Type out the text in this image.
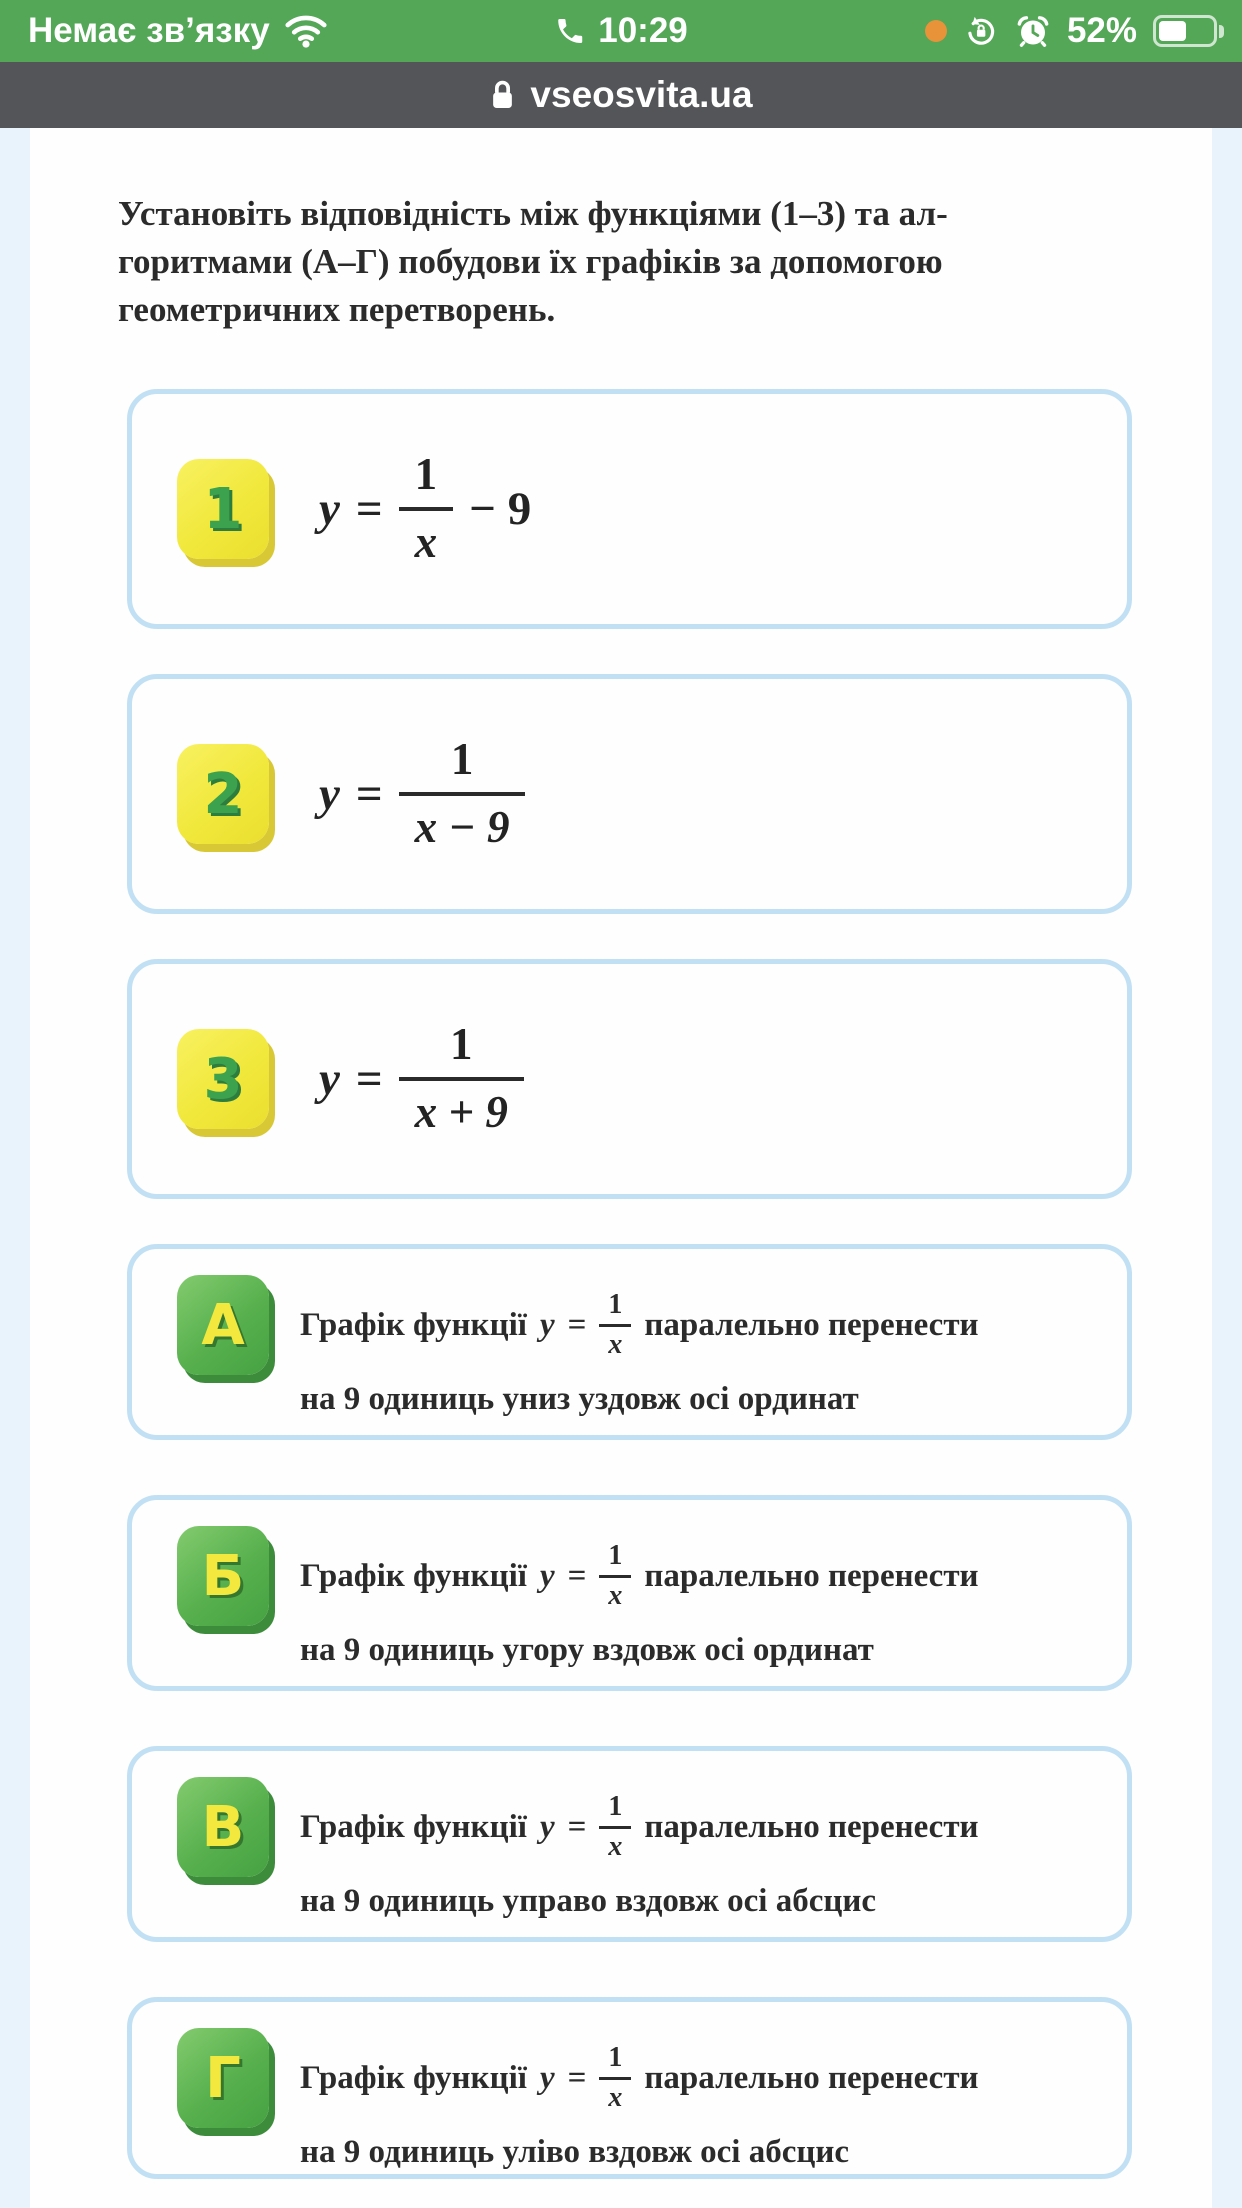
Немає зв’язку	10:29	52%
vseosvita.ua
Установіть відповідність між функціями (1–3) та ал-
горитмами (А–Г) побудови їх графіків за допомогою
геометричних перетворень.
1 $y = \frac{1}{x} - 9$
2 $y = \frac{1}{x - 9}$
3 $y = \frac{1}{x + 9}$
А Графік функції $y = \frac{1}{x}$ паралельно перенести
на 9 одиниць униз уздовж осі ординат
Б Графік функції $y = \frac{1}{x}$ паралельно перенести
на 9 одиниць угору вздовж осі ординат
В Графік функції $y = \frac{1}{x}$ паралельно перенести
на 9 одиниць управо вздовж осі абсцис
Г Графік функції $y = \frac{1}{x}$ паралельно перенести
на 9 одиниць уліво вздовж осі абсцис
